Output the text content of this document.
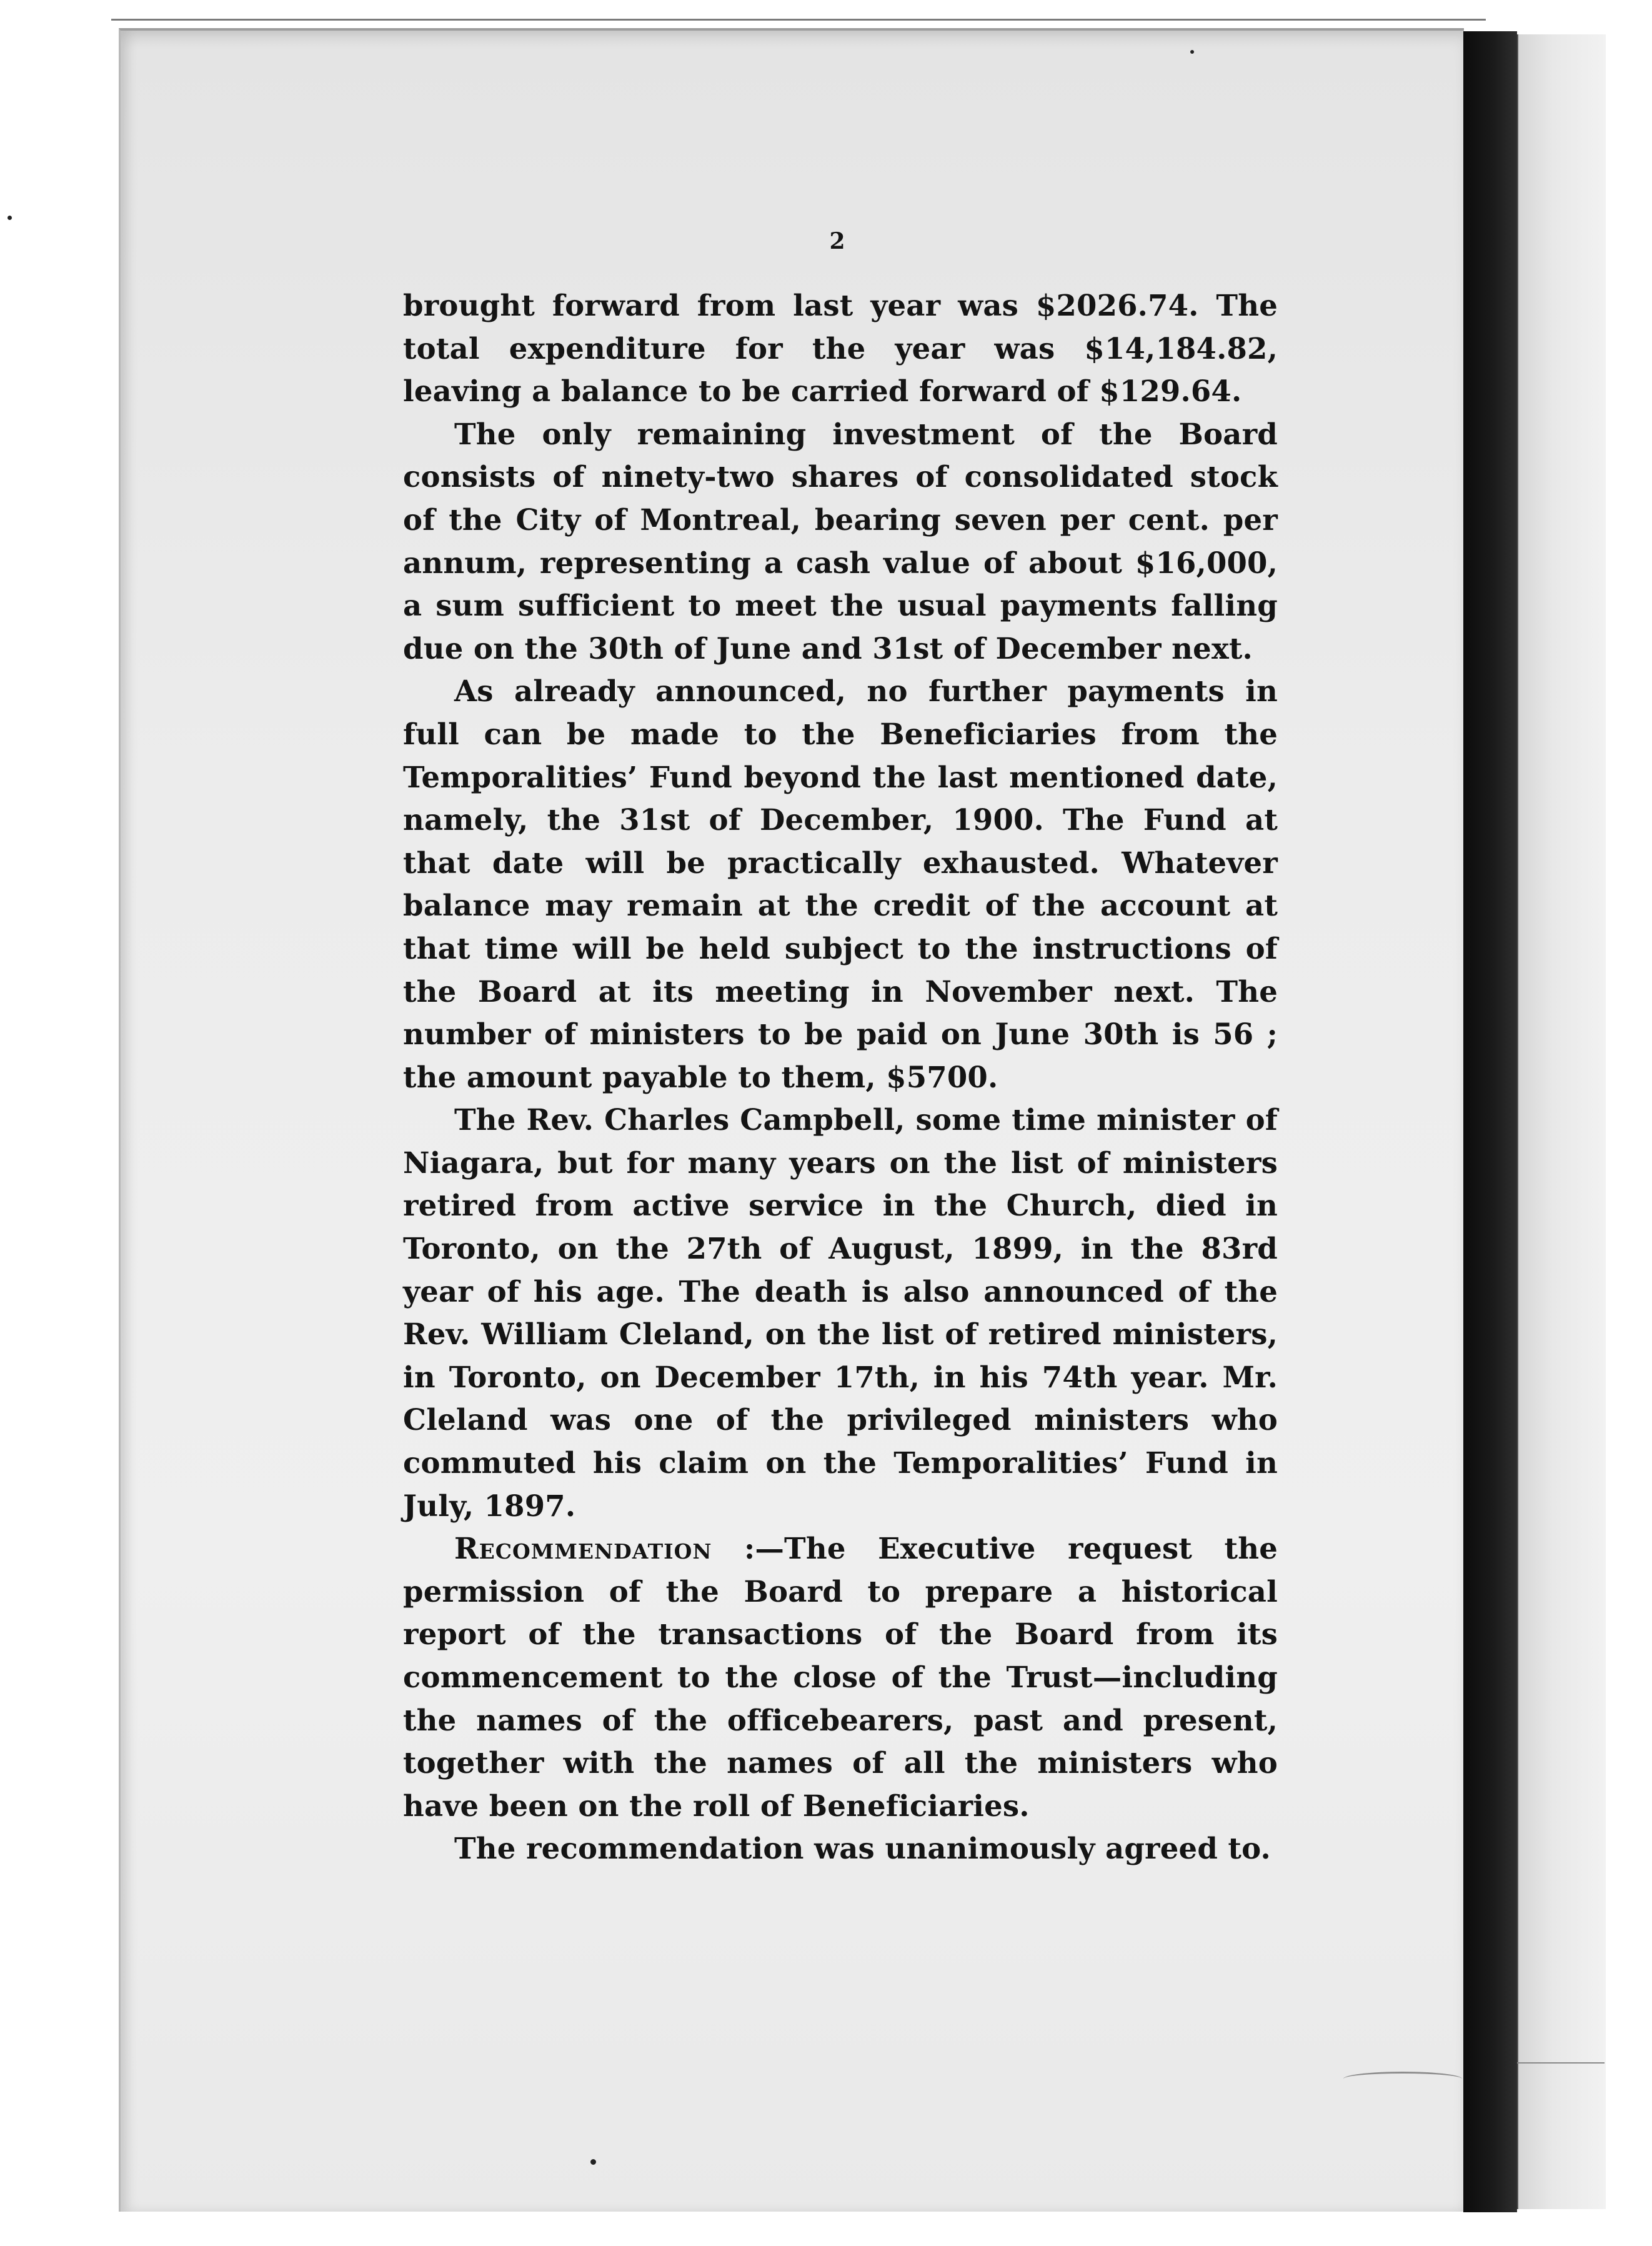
2

brought forward from last year was $2026.74. The total expenditure for the year was $14,184.82, leaving a balance to be carried forward of $129.64.

The only remaining investment of the Board consists of ninety-two shares of consolidated stock of the City of Montreal, bearing seven per cent. per annum, representing a cash value of about $16,000, a sum sufficient to meet the usual payments falling due on the 30th of June and 31st of December next.

As already announced, no further payments in full can be made to the Beneficiaries from the Temporalities’ Fund beyond the last mentioned date, namely, the 31st of December, 1900. The Fund at that date will be practically exhausted. Whatever balance may remain at the credit of the account at that time will be held subject to the instructions of the Board at its meeting in November next. The number of ministers to be paid on June 30th is 56 ; the amount payable to them, $5700.

The Rev. Charles Campbell, some time minister of Niagara, but for many years on the list of ministers retired from active service in the Church, died in Toronto, on the 27th of August, 1899, in the 83rd year of his age. The death is also announced of the Rev. William Cleland, on the list of retired ministers, in Toronto, on December 17th, in his 74th year. Mr. Cleland was one of the privileged ministers who commuted his claim on the Temporalities’ Fund in July, 1897.

Recommendation :—The Executive request the permission of the Board to prepare a historical report of the transactions of the Board from its commencement to the close of the Trust—including the names of the officebearers, past and present, together with the names of all the ministers who have been on the roll of Beneficiaries.

The recommendation was unanimously agreed to.
